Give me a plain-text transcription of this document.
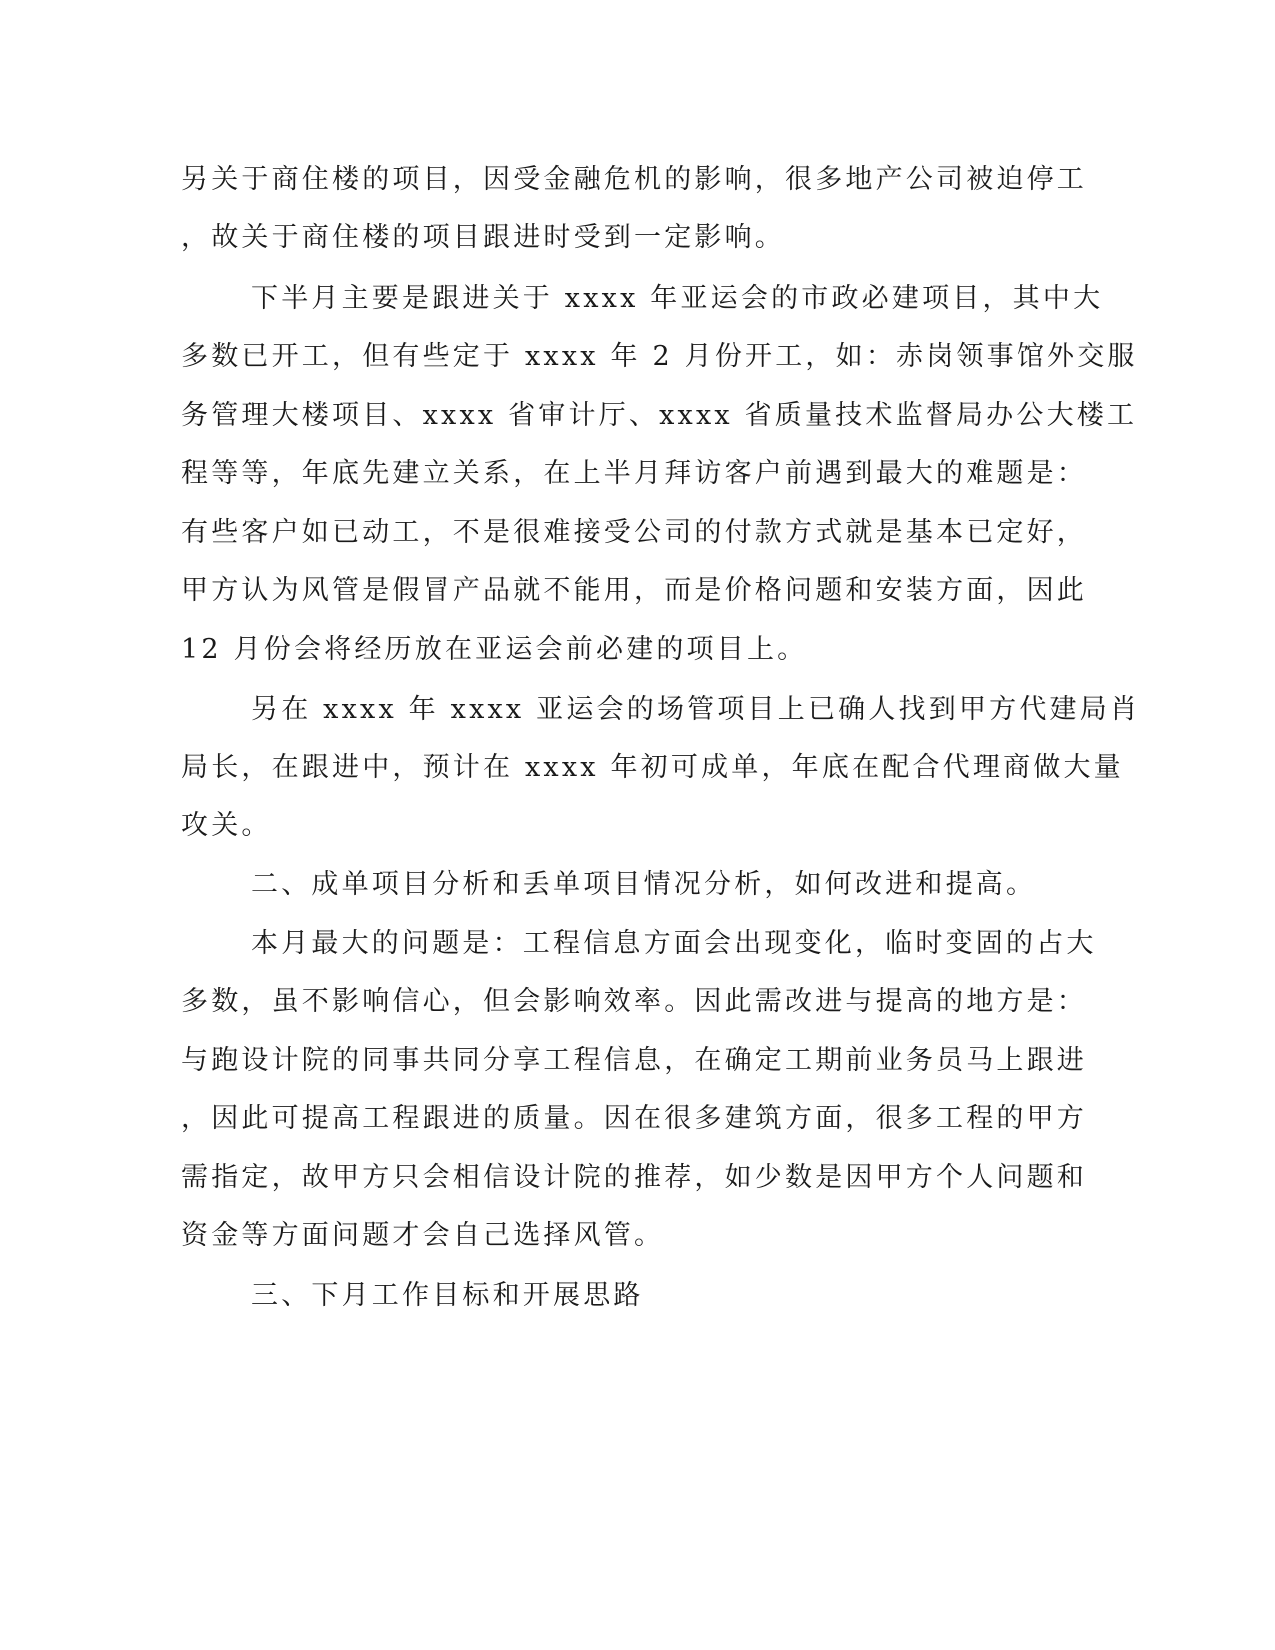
另关于商住楼的项目，因受金融危机的影响，很多地产公司被迫停工
，故关于商住楼的项目跟进时受到一定影响。
下半月主要是跟进关于 xxxx 年亚运会的市政必建项目，其中大
多数已开工，但有些定于 xxxx 年 2 月份开工，如：赤岗领事馆外交服
务管理大楼项目、xxxx 省审计厅、xxxx 省质量技术监督局办公大楼工
程等等，年底先建立关系，在上半月拜访客户前遇到最大的难题是：
有些客户如已动工，不是很难接受公司的付款方式就是基本已定好，
甲方认为风管是假冒产品就不能用，而是价格问题和安装方面，因此
12 月份会将经历放在亚运会前必建的项目上。
另在 xxxx 年 xxxx 亚运会的场管项目上已确人找到甲方代建局肖
局长，在跟进中，预计在 xxxx 年初可成单，年底在配合代理商做大量
攻关。
二、成单项目分析和丢单项目情况分析，如何改进和提高。
本月最大的问题是：工程信息方面会出现变化，临时变固的占大
多数，虽不影响信心，但会影响效率。因此需改进与提高的地方是：
与跑设计院的同事共同分享工程信息，在确定工期前业务员马上跟进
，因此可提高工程跟进的质量。因在很多建筑方面，很多工程的甲方
需指定，故甲方只会相信设计院的推荐，如少数是因甲方个人问题和
资金等方面问题才会自己选择风管。
三、下月工作目标和开展思路
